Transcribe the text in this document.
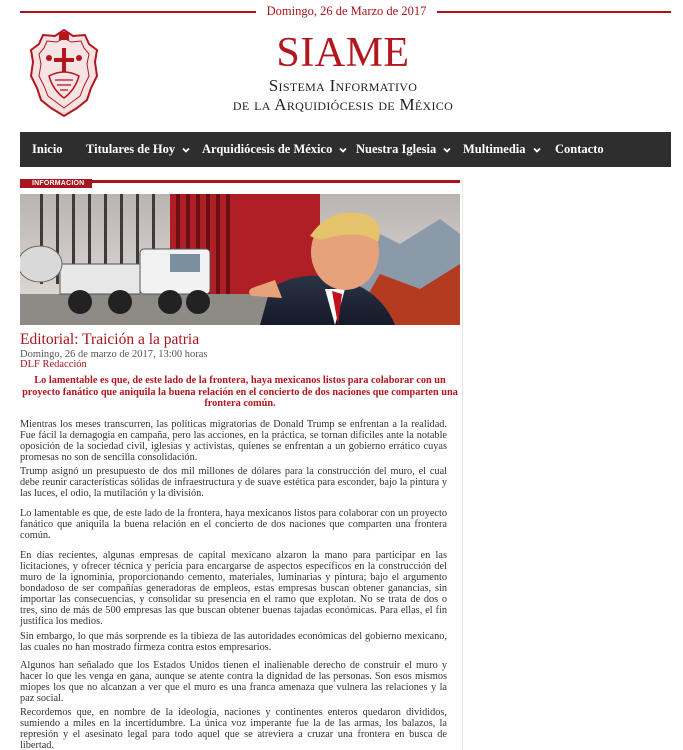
Domingo, 26 de Marzo de 2017
SIAME
Sistema Informativo
de la Arquidiócesis de México
Inicio Titulares de Hoy Arquidiócesis de México Nuestra Iglesia Multimedia Contacto
INFORMACIÓN
Editorial: Traición a la patria
Domingo, 26 de marzo de 2017, 13:00 horas
DLF Redacción
Lo lamentable es que, de este lado de la frontera, haya mexicanos listos para colaborar con un proyecto fanático que aniquila la buena relación en el concierto de dos naciones que comparten una frontera común.

Mientras los meses transcurren, las políticas migratorias de Donald Trump se enfrentan a la realidad. Fue fácil la demagogia en campaña, pero las acciones, en la práctica, se tornan difíciles ante la notable oposición de la sociedad civil, iglesias y activistas, quienes se enfrentan a un gobierno errático cuyas promesas no son de sencilla consolidación.

Trump asignó un presupuesto de dos mil millones de dólares para la construcción del muro, el cual debe reunir características sólidas de infraestructura y de suave estética para esconder, bajo la pintura y las luces, el odio, la mutilación y la división.

Lo lamentable es que, de este lado de la frontera, haya mexicanos listos para colaborar con un proyecto fanático que aniquila la buena relación en el concierto de dos naciones que comparten una frontera común.

En días recientes, algunas empresas de capital mexicano alzaron la mano para participar en las licitaciones, y ofrecer técnica y pericia para encargarse de aspectos específicos en la construcción del muro de la ignominia, proporcionando cemento, materiales, luminarias y pintura; bajo el argumento bondadoso de ser compañías generadoras de empleos, estas empresas buscan obtener ganancias, sin importar las consecuencias, y consolidar su presencia en el ramo que explotan. No se trata de dos o tres, sino de más de 500 empresas las que buscan obtener buenas tajadas económicas. Para ellas, el fin justifica los medios.

Sin embargo, lo que más sorprende es la tibieza de las autoridades económicas del gobierno mexicano, las cuales no han mostrado firmeza contra estos empresarios.

Algunos han señalado que los Estados Unidos tienen el inalienable derecho de construir el muro y hacer lo que les venga en gana, aunque se atente contra la dignidad de las personas. Son esos mismos miopes los que no alcanzan a ver que el muro es una franca amenaza que vulnera las relaciones y la paz social.

Recordemos que, en nombre de la ideología, naciones y continentes enteros quedaron divididos, sumiendo a miles en la incertidumbre. La única voz imperante fue la de las armas, los balazos, la represión y el asesinato legal para todo aquel que se atreviera a cruzar una frontera en busca de libertad.
